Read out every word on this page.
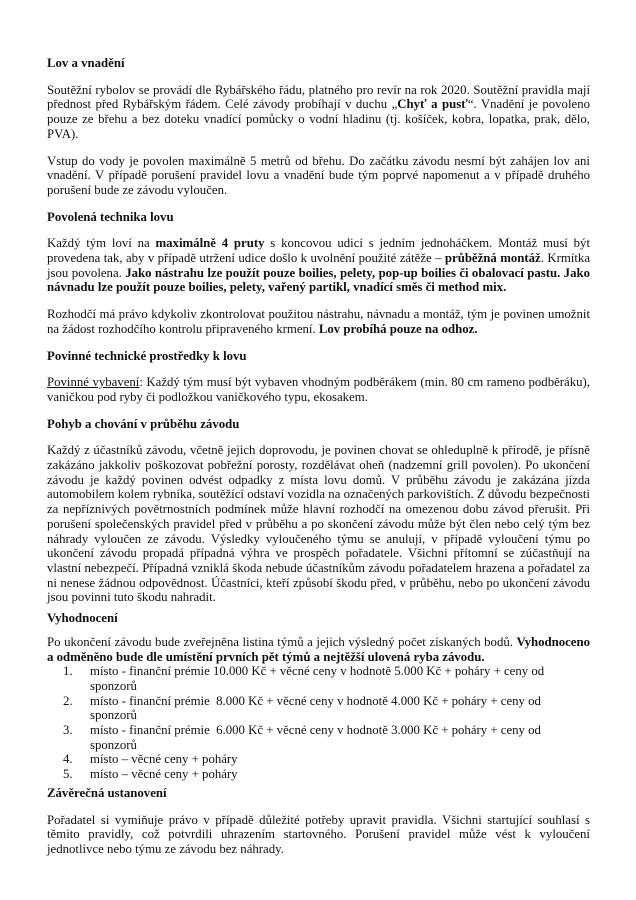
Lov a vnadění

Soutěžní rybolov se provádí dle Rybářského řádu, platného pro revír na rok 2020. Soutěžní pravidla mají přednost před Rybářským řádem. Celé závody probíhají v duchu „Chyť a pusť“. Vnadění je povoleno pouze ze břehu a bez doteku vnadící pomůcky o vodní hladinu (tj. košíček, kobra, lopatka, prak, dělo, PVA).

Vstup do vody je povolen maximálně 5 metrů od břehu. Do začátku závodu nesmí být zahájen lov ani vnadění. V případě porušení pravidel lovu a vnadění bude tým poprvé napomenut a v případě druhého porušení bude ze závodu vyloučen.

Povolená technika lovu

Každý tým loví na maximálně 4 pruty s koncovou udicí s jedním jednoháčkem. Montáž musí být provedena tak, aby v případě utržení udice došlo k uvolnění použité zátěže – průběžná montáž. Krmítka jsou povolena. Jako nástrahu lze použít pouze boilies, pelety, pop-up boilies či obalovací pastu. Jako návnadu lze použít pouze boilies, pelety, vařený partikl, vnadící směs či method mix.

Rozhodčí má právo kdykoliv zkontrolovat použitou nástrahu, návnadu a montáž, tým je povinen umožnit na žádost rozhodčího kontrolu připraveného krmení. Lov probíhá pouze na odhoz.

Povinné technické prostředky k lovu

Povinné vybavení: Každý tým musí být vybaven vhodným podběrákem (min. 80 cm rameno podběráku), vaničkou pod ryby či podložkou vaničkového typu, ekosakem.

Pohyb a chování v průběhu závodu

Každý z účastníků závodu, včetně jejich doprovodu, je povinen chovat se ohleduplně k přírodě, je přísně zakázáno jakkoliv poškozovat pobřežní porosty, rozdělávat oheň (nadzemní grill povolen). Po ukončení závodu je každý povinen odvést odpadky z místa lovu domů. V průběhu závodu je zakázána jízda automobilem kolem rybníka, soutěžící odstaví vozidla na označených parkovištích. Z důvodu bezpečnosti za nepříznivých povětrnostních podmínek může hlavní rozhodčí na omezenou dobu závod přerušit. Při porušení společenských pravidel před v průběhu a po skončení závodu může být člen nebo celý tým bez náhrady vyloučen ze závodu. Výsledky vyloučeného týmu se anulují, v případě vyloučení týmu po ukončení závodu propadá případná výhra ve prospěch pořadatele. Všichni přítomní se zúčastňují na vlastní nebezpečí. Případná vzniklá škoda nebude účastníkům závodu pořadatelem hrazena a pořadatel za ni nenese žádnou odpovědnost. Účastníci, kteří způsobí škodu před, v průběhu, nebo po ukončení závodu jsou povinni tuto škodu nahradit.

Vyhodnocení

Po ukončení závodu bude zveřejněna listina týmů a jejich výsledný počet získaných bodů. Vyhodnoceno a odměněno bude dle umístění prvních pět týmů a nejtěžší ulovená ryba závodu.

1.	místo - finanční prémie 10.000 Kč + věcné ceny v hodnotě 5.000 Kč + poháry + ceny od sponzorů
2.	místo - finanční prémie  8.000 Kč + věcné ceny v hodnotě 4.000 Kč + poháry + ceny od sponzorů
3.	místo - finanční prémie  6.000 Kč + věcné ceny v hodnotě 3.000 Kč + poháry + ceny od sponzorů
4.	místo – věcné ceny + poháry
5.	místo – věcné ceny + poháry
Závěrečná ustanovení

Pořadatel si vymiňuje právo v případě důležité potřeby upravit pravidla. Všichni startující souhlasí s těmito pravidly, což potvrdili uhrazením startovného. Porušení pravidel může vést k vyloučení jednotlivce nebo týmu ze závodu bez náhrady.
